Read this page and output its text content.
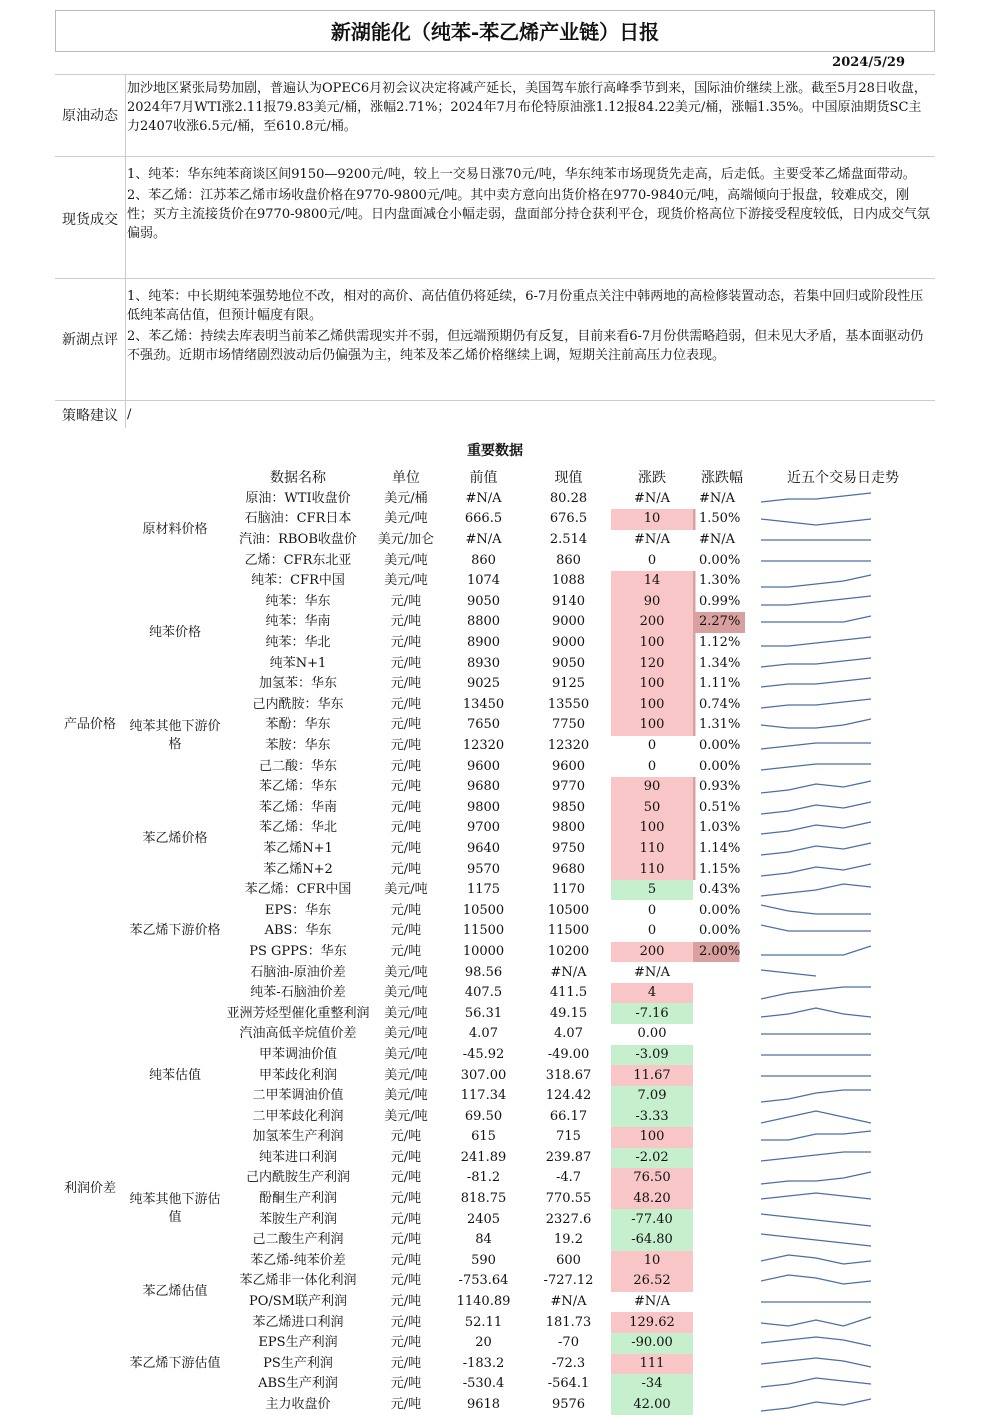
新湖能化（纯苯-苯乙烯产业链）日报
2024/5/29
原油动态

加沙地区紧张局势加剧，普遍认为OPEC6月初会议决定将减产延长，美国驾车旅行高峰季节到来，国际油价继续上涨。截至5月28日收盘，2024年7月WTI涨2.11报79.83美元/桶，涨幅2.71%；2024年7月布伦特原油涨1.12报84.22美元/桶，涨幅1.35%。中国原油期货SC主力2407收涨6.5元/桶，至610.8元/桶。

现货成交

1、纯苯：华东纯苯商谈区间9150—9200元/吨，较上一交易日涨70元/吨，华东纯苯市场现货先走高，后走低。主要受苯乙烯盘面带动。

2、苯乙烯：江苏苯乙烯市场收盘价格在9770-9800元/吨。其中卖方意向出货价格在9770-9840元/吨，高端倾向于报盘，较难成交，刚性；买方主流接货价在9770-9800元/吨。日内盘面减仓小幅走弱，盘面部分持仓获利平仓，现货价格高位下游接受程度较低，日内成交气氛偏弱。

新湖点评

1、纯苯：中长期纯苯强势地位不改，相对的高价、高估值仍将延续，6-7月份重点关注中韩两地的高检修装置动态，若集中回归或阶段性压低纯苯高估值，但预计幅度有限。

2、苯乙烯：持续去库表明当前苯乙烯供需现实并不弱，但远端预期仍有反复，目前来看6-7月份供需略趋弱，但未见大矛盾，基本面驱动仍不强劲。近期市场情绪剧烈波动后仍偏强为主，纯苯及苯乙烯价格继续上调，短期关注前高压力位表现。

策略建议 /

重要数据
		数据名称	单位	前值	现值	涨跌	涨跌幅	近五个交易日走势
产品价格	原材料价格	原油：WTI收盘价	美元/桶	#N/A	80.28	#N/A	#N/A	

		石脑油：CFR日本	美元/吨	666.5	676.5	10	1.50%	

		汽油：RBOB收盘价	美元/加仑	#N/A	2.514	#N/A	#N/A	

		乙烯：CFR东北亚	美元/吨	860	860	0	0.00%	

	纯苯价格	纯苯：CFR中国	美元/吨	1074	1088	14	1.30%	

		纯苯：华东	元/吨	9050	9140	90	0.99%	

		纯苯：华南	元/吨	8800	9000	200	2.27%	

		纯苯：华北	元/吨	8900	9000	100	1.12%	

		纯苯N+1	元/吨	8930	9050	120	1.34%	

		加氢苯：华东	元/吨	9025	9125	100	1.11%	

	纯苯其他下游价格	己内酰胺：华东	元/吨	13450	13550	100	0.74%	

		苯酚：华东	元/吨	7650	7750	100	1.31%	

		苯胺：华东	元/吨	12320	12320	0	0.00%	

		己二酸：华东	元/吨	9600	9600	0	0.00%	

	苯乙烯价格	苯乙烯：华东	元/吨	9680	9770	90	0.93%	

		苯乙烯：华南	元/吨	9800	9850	50	0.51%	

		苯乙烯：华北	元/吨	9700	9800	100	1.03%	

		苯乙烯N+1	元/吨	9640	9750	110	1.14%	

		苯乙烯N+2	元/吨	9570	9680	110	1.15%	

		苯乙烯：CFR中国	美元/吨	1175	1170	5	0.43%	

	苯乙烯下游价格	EPS：华东	元/吨	10500	10500	0	0.00%	

		ABS：华东	元/吨	11500	11500	0	0.00%	

		PS GPPS：华东	元/吨	10000	10200	200	2.00%	

利润价差		石脑油-原油价差	美元/吨	98.56	#N/A	#N/A		

	纯苯估值	纯苯-石脑油价差	美元/吨	407.5	411.5	4		

		亚洲芳烃型催化重整利润	美元/吨	56.31	49.15	-7.16		

		汽油高低辛烷值价差	美元/吨	4.07	4.07	0.00		

		甲苯调油价值	美元/吨	-45.92	-49.00	-3.09		

		甲苯歧化利润	美元/吨	307.00	318.67	11.67		

		二甲苯调油价值	美元/吨	117.34	124.42	7.09		

		二甲苯歧化利润	美元/吨	69.50	66.17	-3.33		

		加氢苯生产利润	元/吨	615	715	100		

		纯苯进口利润	元/吨	241.89	239.87	-2.02		

	纯苯其他下游估值	己内酰胺生产利润	元/吨	-81.2	-4.7	76.50		

		酚酮生产利润	元/吨	818.75	770.55	48.20		

		苯胺生产利润	元/吨	2405	2327.6	-77.40		

		己二酸生产利润	元/吨	84	19.2	-64.80		

	苯乙烯估值	苯乙烯-纯苯价差	元/吨	590	600	10		

		苯乙烯非一体化利润	元/吨	-753.64	-727.12	26.52		

		PO/SM联产利润	元/吨	1140.89	#N/A	#N/A		

		苯乙烯进口利润	元/吨	52.11	181.73	129.62		

	苯乙烯下游估值	EPS生产利润	元/吨	20	-70	-90.00		

		PS生产利润	元/吨	-183.2	-72.3	111		

		ABS生产利润	元/吨	-530.4	-564.1	-34		

		主力收盘价	元/吨	9618	9576	42.00		
